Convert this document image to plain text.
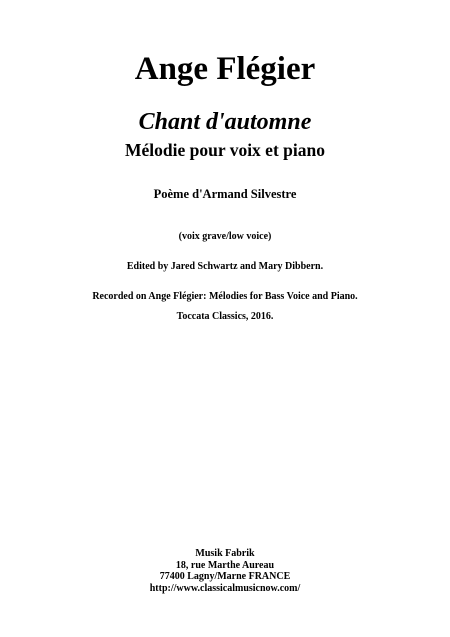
Ange Flégier
Chant d'automne
Mélodie pour voix et piano
Poème d'Armand Silvestre
(voix grave/low voice)
Edited by Jared Schwartz and Mary Dibbern.
Recorded on Ange Flégier: Mélodies for Bass Voice and Piano.
Toccata Classics, 2016.
Musik Fabrik
18, rue Marthe Aureau
77400 Lagny/Marne FRANCE
http://www.classicalmusicnow.com/
